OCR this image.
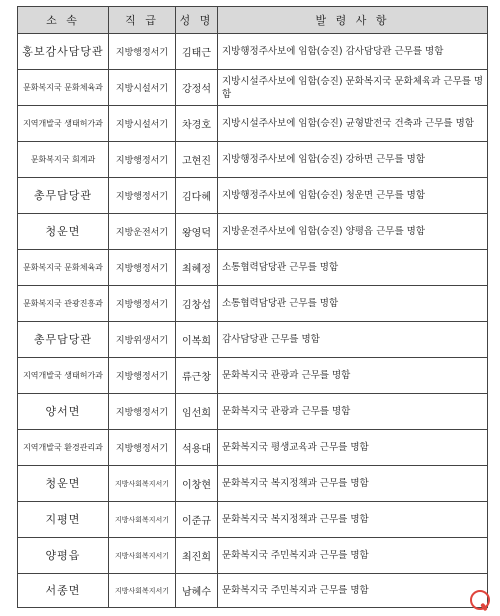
소 속	직 급	성 명	발 령 사 항
홍보감사담당관	지방행정서기	김태근	지방행정주사보에 임함(승진) 감사담당관 근무를 명함
문화복지국 문화체육과	지방시설서기	강정석	지방시설주사보에 임함(승진) 문화복지국 문화체육과 근무를 명함
지역개발국 생태허가과	지방시설서기	차경호	지방시설주사보에 임함(승진) 균형발전국 건축과 근무를 명함
문화복지국 회계과	지방행정서기	고현진	지방행정주사보에 임함(승진) 강하면 근무를 명함
총무담당관	지방행정서기	김다혜	지방행정주사보에 임함(승진) 청운면 근무를 명함
청운면	지방운전서기	왕영덕	지방운전주사보에 임함(승진) 양평읍 근무를 명함
문화복지국 문화체육과	지방행정서기	최혜정	소통협력담당관 근무를 명함
문화복지국 관광진흥과	지방행정서기	김창섭	소통협력담당관 근무를 명함
총무담당관	지방위생서기	이복희	감사담당관 근무를 명함
지역개발국 생태허가과	지방행정서기	류근창	문화복지국 관광과 근무를 명함
양서면	지방행정서기	임선희	문화복지국 관광과 근무를 명함
지역개발국 환경관리과	지방행정서기	석용대	문화복지국 평생교육과 근무를 명함
청운면	지방사회복지서기	이창현	문화복지국 복지정책과 근무를 명함
지평면	지방사회복지서기	이준규	문화복지국 복지정책과 근무를 명함
양평읍	지방사회복지서기	최진희	문화복지국 주민복지과 근무를 명함
서종면	지방사회복지서기	남혜수	문화복지국 주민복지과 근무를 명함
